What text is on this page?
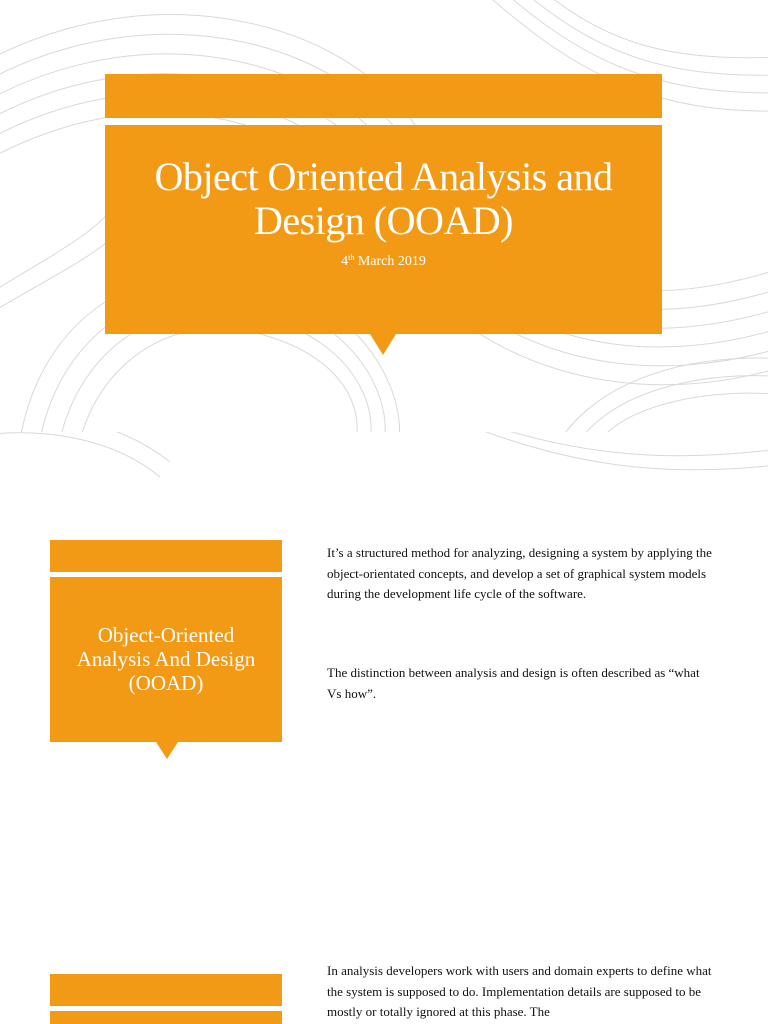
Object Oriented Analysis and Design (OOAD)
4th March 2019
Object-Oriented Analysis And Design (OOAD)

It’s a structured method for analyzing, designing a system by applying the object-orientated concepts, and develop a set of graphical system models during the development life cycle of the software.

The distinction between analysis and design is often described as “what Vs how”.

In analysis developers work with users and domain experts to define what the system is supposed to do. Implementation details are supposed to be mostly or totally ignored at this phase. The
